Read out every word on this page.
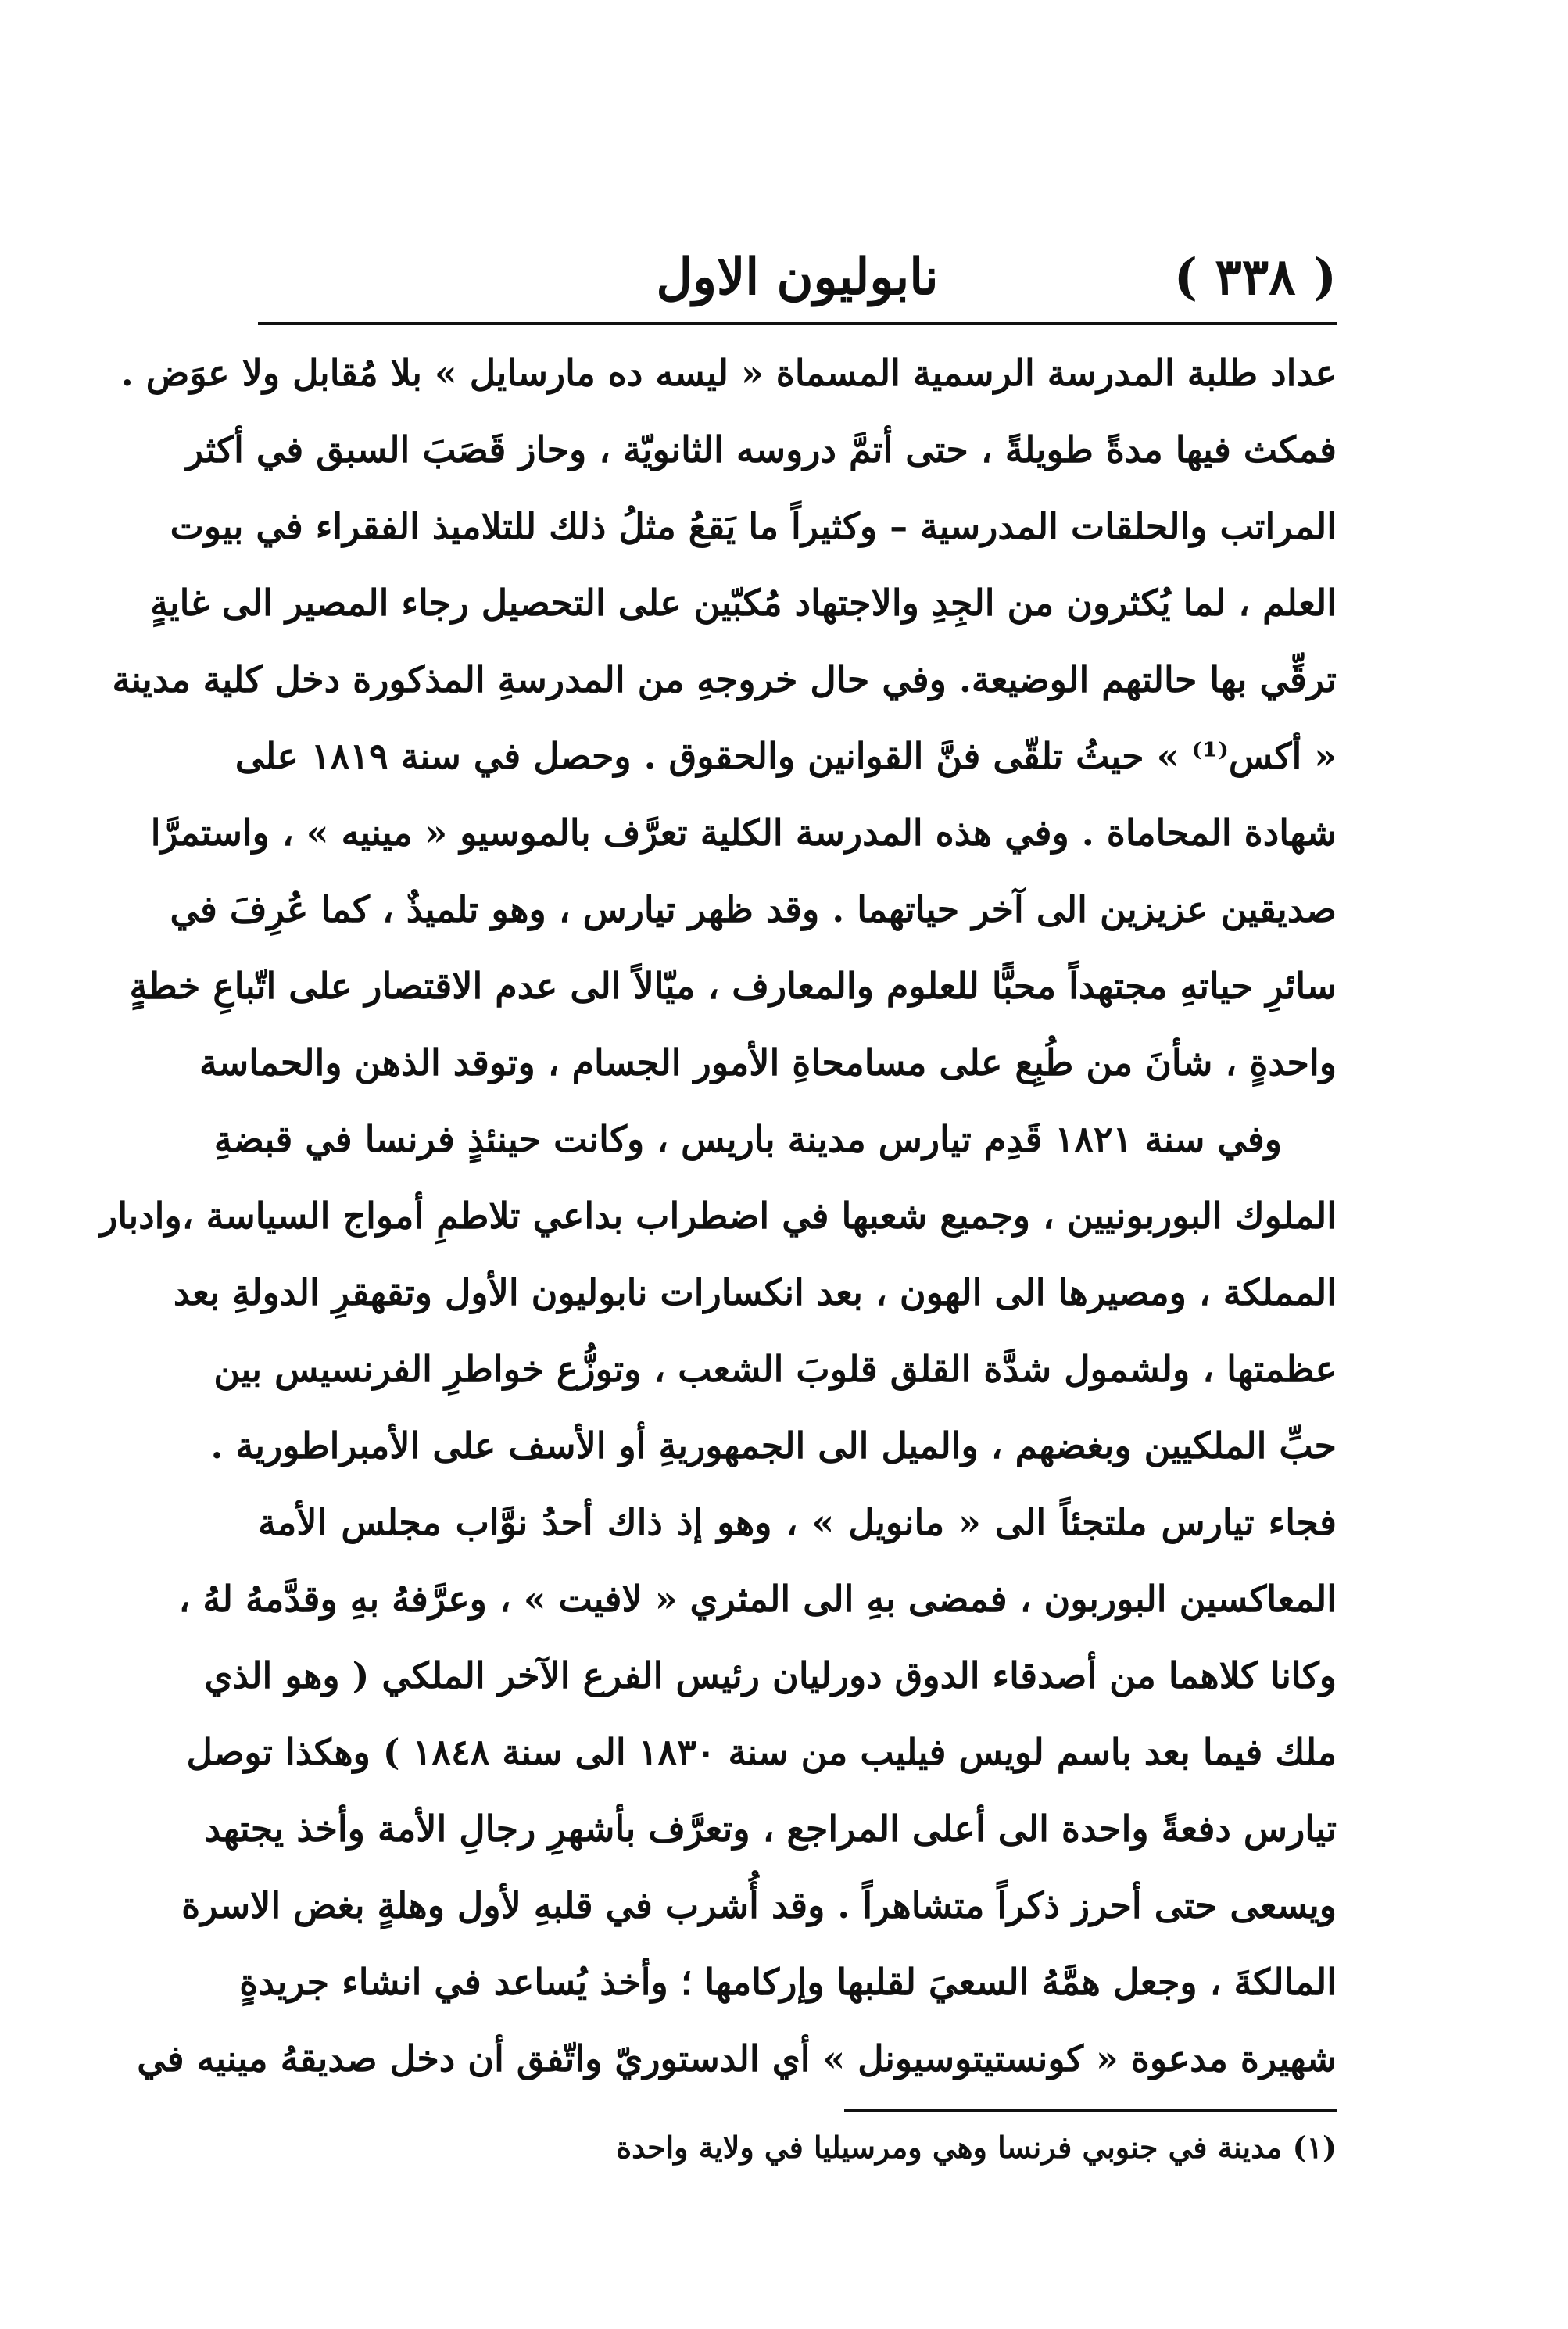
( ٣٣٨ )
نابوليون الاول
عداد طلبة المدرسة الرسمية المسماة « ليسه ده مارسايل » بلا مُقابل ولا عوَض .
فمكث فيها مدةً طويلةً ، حتى أتمَّ دروسه الثانويّة ، وحاز قَصَبَ السبق في أكثر
المراتب والحلقات المدرسية – وكثيراً ما يَقعُ مثلُ ذلك للتلاميذ الفقراء في بيوت
العلم ، لما يُكثرون من الجِدِ والاجتهاد مُكبّين على التحصيل رجاء المصير الى غايةٍ
ترقِّي بها حالتهم الوضيعة. وفي حال خروجهِ من المدرسةِ المذكورة دخل كلية مدينة
« أكس⁽¹⁾ » حيثُ تلقّى فنَّ القوانين والحقوق . وحصل في سنة ١٨١٩ على
شهادة المحاماة . وفي هذه المدرسة الكلية تعرَّف بالموسيو « مينيه » ، واستمرَّا
صديقين عزيزين الى آخر حياتهما . وقد ظهر تيارس ، وهو تلميذٌ ، كما عُرِفَ في
سائرِ حياتهِ مجتهداً محبًّا للعلوم والمعارف ، ميّالاً الى عدم الاقتصار على اتّباعِ خطةٍ
واحدةٍ ، شأنَ من طُبِع على مسامحاةِ الأمور الجسام ، وتوقد الذهن والحماسة
وفي سنة ١٨٢١ قَدِم تيارس مدينة باريس ، وكانت حينئذٍ فرنسا في قبضةِ
الملوك البوربونيين ، وجميع شعبها في اضطراب بداعي تلاطمِ أمواج السياسة ،وادبار
المملكة ، ومصيرها الى الهون ، بعد انكسارات نابوليون الأول وتقهقرِ الدولةِ بعد
عظمتها ، ولشمول شدَّة القلق قلوبَ الشعب ، وتوزُّع خواطرِ الفرنسيس بين
حبِّ الملكيين وبغضهم ، والميل الى الجمهوريةِ أو الأسف على الأمبراطورية .
فجاء تيارس ملتجئاً الى « مانويل » ، وهو إذ ذاك أحدُ نوَّاب مجلس الأمة
المعاكسين البوربون ، فمضى بهِ الى المثري « لافيت » ، وعرَّفهُ بهِ وقدَّمهُ لهُ ،
وكانا كلاهما من أصدقاء الدوق دورليان رئيس الفرع الآخر الملكي ( وهو الذي
ملك فيما بعد باسم لويس فيليب من سنة ١٨٣٠ الى سنة ١٨٤٨ ) وهكذا توصل
تيارس دفعةً واحدة الى أعلى المراجع ، وتعرَّف بأشهرِ رجالِ الأمة وأخذ يجتهد
ويسعى حتى أحرز ذكراً متشاهراً . وقد أُشرب في قلبهِ لأول وهلةٍ بغض الاسرة
المالكةَ ، وجعل همَّهُ السعيَ لقلبها وإركامها ؛ وأخذ يُساعد في انشاء جريدةٍ
شهيرة مدعوة « كونستيتوسيونل » أي الدستوريّ واتّفق أن دخل صديقهُ مينيه في
(١) مدينة في جنوبي فرنسا وهي ومرسيليا في ولاية واحدة
